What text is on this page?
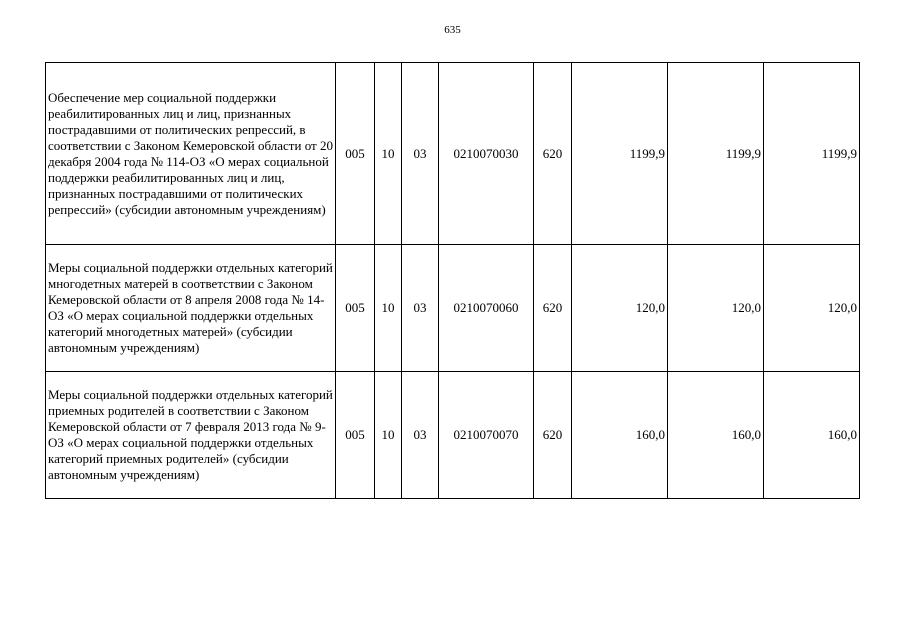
635
Обеспечение мер социальной поддержки реабилитированных лиц и лиц, признанных пострадавшими от политических репрессий, в соответствии с Законом Кемеровской области от 20 декабря 2004 года № 114-ОЗ «О мерах социальной поддержки реабилитированных лиц и лиц, признанных пострадавшими от политических репрессий» (субсидии автономным учреждениям)	005	10	03	0210070030	620	1199,9	1199,9	1199,9
Меры социальной поддержки отдельных категорий многодетных матерей в соответствии с Законом Кемеровской области от 8 апреля 2008 года № 14-ОЗ «О мерах социальной поддержки отдельных категорий многодетных матерей» (субсидии автономным учреждениям)	005	10	03	0210070060	620	120,0	120,0	120,0
Меры социальной поддержки отдельных категорий приемных родителей в соответствии с Законом Кемеровской области от 7 февраля 2013 года № 9-ОЗ «О мерах социальной поддержки отдельных категорий приемных родителей» (субсидии автономным учреждениям)	005	10	03	0210070070	620	160,0	160,0	160,0
